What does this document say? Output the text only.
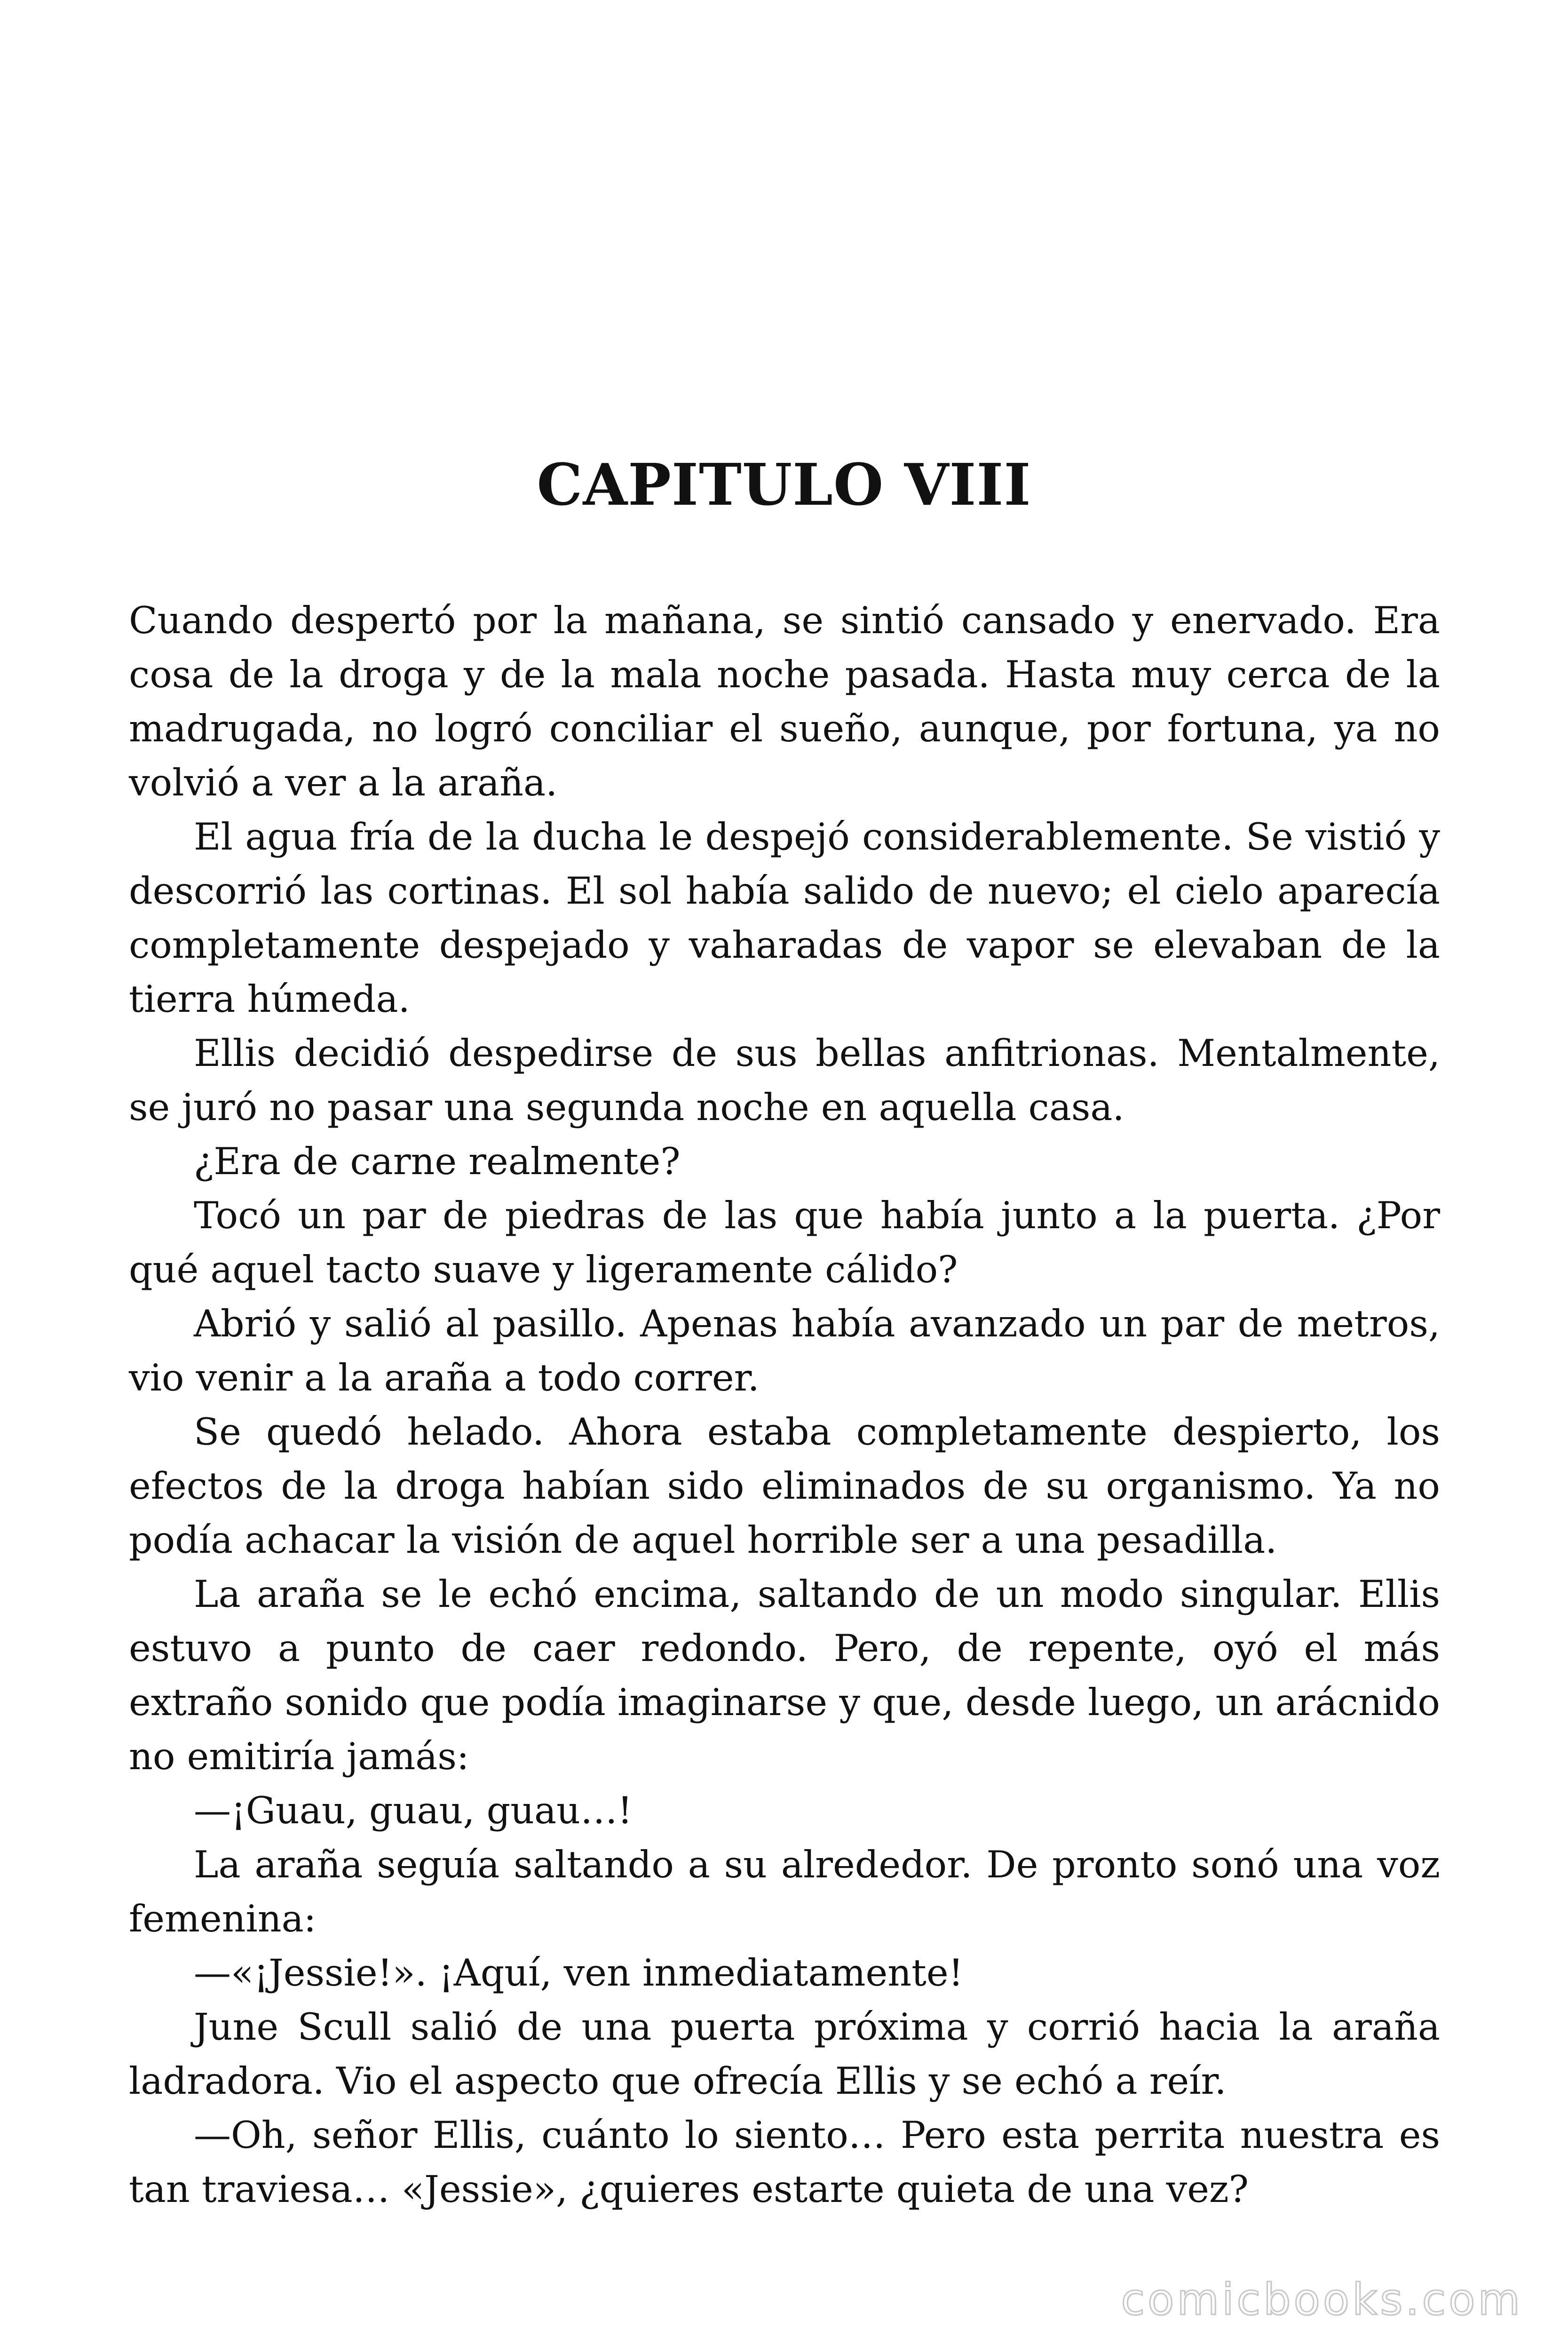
CAPITULO VIII

Cuando despertó por la mañana, se sintió cansado y enervado. Era cosa de la droga y de la mala noche pasada. Hasta muy cerca de la madrugada, no logró conciliar el sueño, aunque, por fortuna, ya no volvió a ver a la araña.

El agua fría de la ducha le despejó considerablemente. Se vistió y descorrió las cortinas. El sol había salido de nuevo; el cielo aparecía completamente despejado y vaharadas de vapor se elevaban de la tierra húmeda.

Ellis decidió despedirse de sus bellas anfitrionas. Mentalmente, se juró no pasar una segunda noche en aquella casa.

¿Era de carne realmente?

Tocó un par de piedras de las que había junto a la puerta. ¿Por qué aquel tacto suave y ligeramente cálido?

Abrió y salió al pasillo. Apenas había avanzado un par de metros, vio venir a la araña a todo correr.

Se quedó helado. Ahora estaba completamente despierto, los efectos de la droga habían sido eliminados de su organismo. Ya no podía achacar la visión de aquel horrible ser a una pesadilla.

La araña se le echó encima, saltando de un modo singular. Ellis estuvo a punto de caer redondo. Pero, de repente, oyó el más extraño sonido que podía imaginarse y que, desde luego, un arácnido no emitiría jamás:

—¡Guau, guau, guau…!

La araña seguía saltando a su alrededor. De pronto sonó una voz femenina:

—«¡Jessie!». ¡Aquí, ven inmediatamente!

June Scull salió de una puerta próxima y corrió hacia la araña ladradora. Vio el aspecto que ofrecía Ellis y se echó a reír.

—Oh, señor Ellis, cuánto lo siento… Pero esta perrita nuestra es tan traviesa… «Jessie», ¿quieres estarte quieta de una vez?

comicbooks.com
